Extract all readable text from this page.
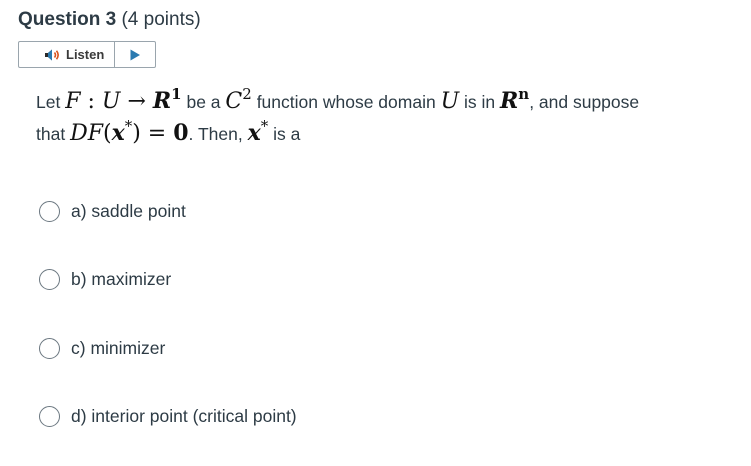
Question 3 (4 points)
Listen
Let F : $U \to R^1$ be a $C^2$ function whose domain U is in $R^n$, and suppose
that DF(x*) = 0. Then, x* is a
a) saddle point
b) maximizer
c) minimizer
d) interior point (critical point)
